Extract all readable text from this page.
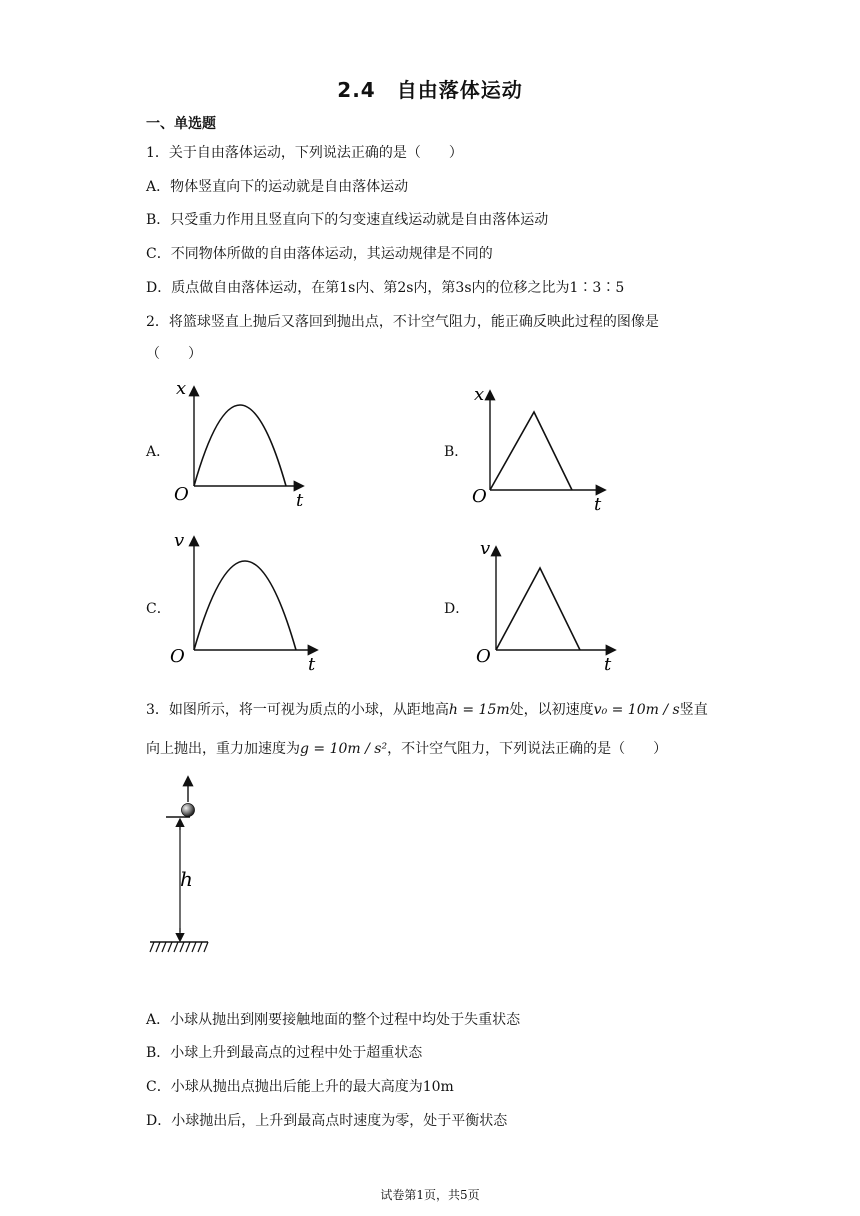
2.4　自由落体运动
一、单选题
1．关于自由落体运动，下列说法正确的是（　　）
A．物体竖直向下的运动就是自由落体运动
B．只受重力作用且竖直向下的匀变速直线运动就是自由落体运动
C．不同物体所做的自由落体运动，其运动规律是不同的
D．质点做自由落体运动，在第1s内、第2s内，第3s内的位移之比为1∶3∶5
2．将篮球竖直上抛后又落回到抛出点，不计空气阻力，能正确反映此过程的图像是
（　　）
A．	B．
C．	D．
x
t
O
x
t
O
v
t
O
v
t
O
3．如图所示，将一可视为质点的小球，从距地高h = 15m处，以初速度v₀ = 10m / s竖直
向上抛出，重力加速度为g = 10m / s²，不计空气阻力，下列说法正确的是（　　）
h
A．小球从抛出到刚要接触地面的整个过程中均处于失重状态
B．小球上升到最高点的过程中处于超重状态
C．小球从抛出点抛出后能上升的最大高度为10m
D．小球抛出后，上升到最高点时速度为零，处于平衡状态
试卷第1页，共5页
